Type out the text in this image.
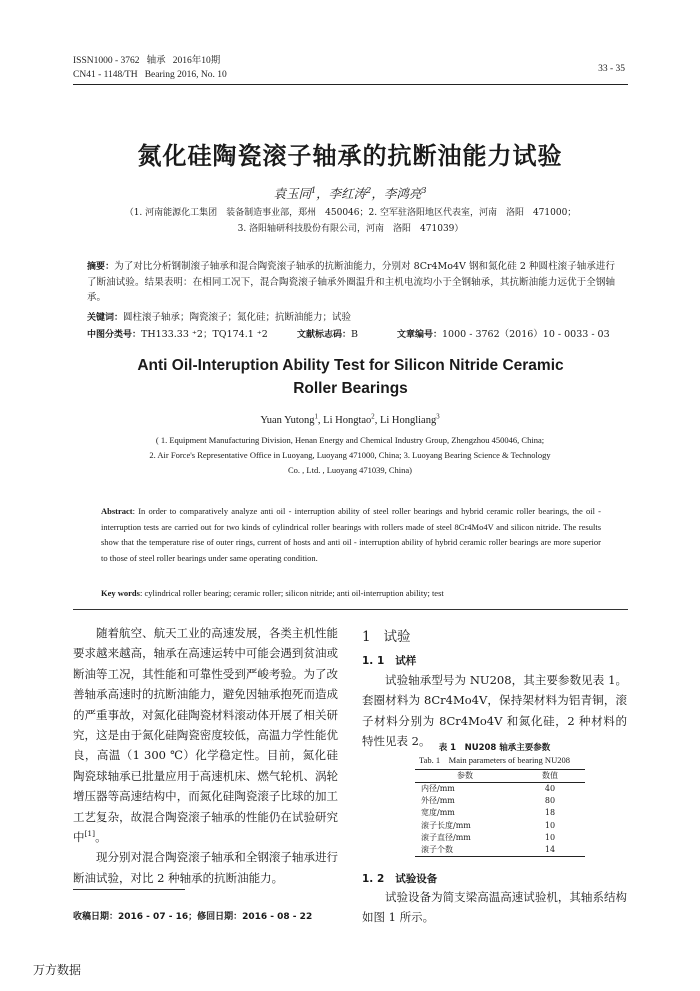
ISSN1000 - 3762 轴承 2016年10期
CN41 - 1148/TH Bearing 2016, No. 10
33 - 35
氮化硅陶瓷滚子轴承的抗断油能力试验
袁玉同$^1$，李红涛$^2$，李鸿亮$^3$
（1. 河南能源化工集团　装备制造事业部，郑州　450046；2. 空军驻洛阳地区代表室，河南　洛阳　471000；
3. 洛阳轴研科技股份有限公司，河南　洛阳　471039）
摘要：为了对比分析钢制滚子轴承和混合陶瓷滚子轴承的抗断油能力，分别对 8Cr4Mo4V 钢和氮化硅 2 种圆柱滚子轴承进行了断油试验。结果表明：在相同工况下，混合陶瓷滚子轴承外圈温升和主机电流均小于全钢轴承，其抗断油能力远优于全钢轴承。
关键词：圆柱滚子轴承；陶瓷滚子；氮化硅；抗断油能力；试验
中图分类号：TH133.33 ⁺2；TQ174.1 ⁺2	文献标志码：B	文章编号：1000 - 3762（2016）10 - 0033 - 03
Anti Oil-Interuption Ability Test for Silicon Nitride Ceramic
Roller Bearings
Yuan Yutong$^1$, Li Hongtao$^2$, Li Hongliang$^3$
( 1. Equipment Manufacturing Division, Henan Energy and Chemical Industry Group, Zhengzhou 450046, China;
2. Air Force's Representative Office in Luoyang, Luoyang 471000, China; 3. Luoyang Bearing Science & Technology
Co. , Ltd. , Luoyang 471039, China)
Abstract: In order to comparatively analyze anti oil - interruption ability of steel roller bearings and hybrid ceramic roller bearings, the oil - interruption tests are carried out for two kinds of cylindrical roller bearings with rollers made of steel 8Cr4Mo4V and silicon nitride. The results show that the temperature rise of outer rings, current of hosts and anti oil - interruption ability of hybrid ceramic roller bearings are more superior to those of steel roller bearings under same operating condition.
Key words: cylindrical roller bearing; ceramic roller; silicon nitride; anti oil-interruption ability; test

随着航空、航天工业的高速发展，各类主机性能要求越来越高，轴承在高速运转中可能会遇到贫油或断油等工况，其性能和可靠性受到严峻考验。为了改善轴承高速时的抗断油能力，避免因轴承抱死而造成的严重事故，对氮化硅陶瓷材料滚动体开展了相关研究，这是由于氮化硅陶瓷密度较低，高温力学性能优良，高温（1 300 ℃）化学稳定性。目前，氮化硅陶瓷球轴承已批量应用于高速机床、燃气轮机、涡轮增压器等高速结构中，而氮化硅陶瓷滚子比球的加工工艺复杂，故混合陶瓷滚子轴承的性能仍在试验研究中[1]。

现分别对混合陶瓷滚子轴承和全钢滚子轴承进行断油试验，对比 2 种轴承的抗断油能力。

收稿日期：2016 - 07 - 16；修回日期：2016 - 08 - 22
1 试验
1. 1 试样

试验轴承型号为 NU208，其主要参数见表 1。套圈材料为 8Cr4Mo4V，保持架材料为铝青铜，滚子材料分别为 8Cr4Mo4V 和氮化硅，2 种材料的特性见表 2。 表 1　NU208 轴承主要参数
Tab. 1　Main parameters of bearing NU208
参数	数值
内径/mm	40
外径/mm	80
宽度/mm	18
滚子长度/mm	10
滚子直径/mm	10
滚子个数	14
1. 2 试验设备

试验设备为简支梁高温高速试验机，其轴系结构如图 1 所示。

万方数据
